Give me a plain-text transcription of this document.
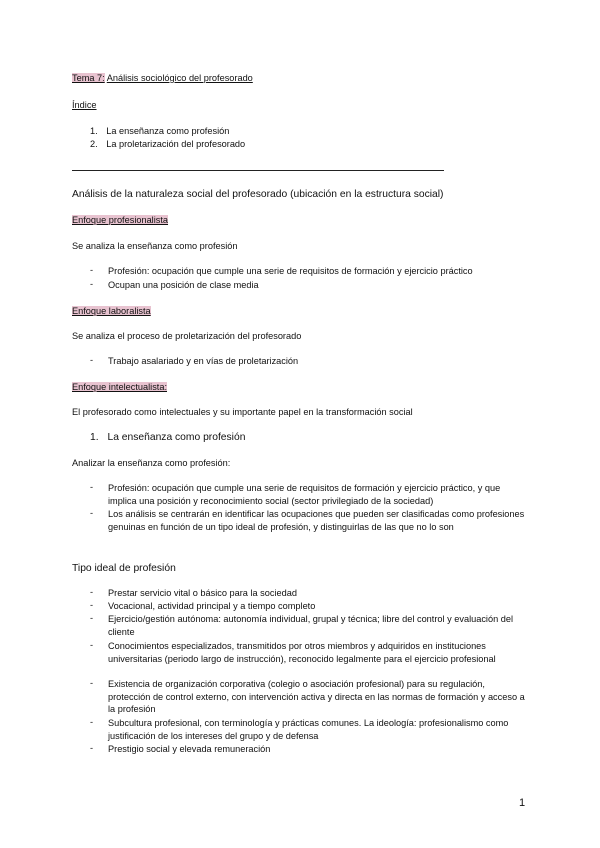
Tema 7: Análisis sociológico del profesorado
Índice
1. La enseñanza como profesión
2. La proletarización del profesorado
Análisis de la naturaleza social del profesorado (ubicación en la estructura social)
Enfoque profesionalista
Se analiza la enseñanza como profesión
- Profesión: ocupación que cumple una serie de requisitos de formación y ejercicio práctico
- Ocupan una posición de clase media
Enfoque laboralista
Se analiza el proceso de proletarización del profesorado
- Trabajo asalariado y en vías de proletarización
Enfoque intelectualista:
El profesorado como intelectuales y su importante papel en la transformación social
1. La enseñanza como profesión
Analizar la enseñanza como profesión:
- Profesión: ocupación que cumple una serie de requisitos de formación y ejercicio práctico, y que implica una posición y reconocimiento social (sector privilegiado de la sociedad)
- Los análisis se centrarán en identificar las ocupaciones que pueden ser clasificadas como profesiones genuinas en función de un tipo ideal de profesión, y distinguirlas de las que no lo son
Tipo ideal de profesión
- Prestar servicio vital o básico para la sociedad
- Vocacional, actividad principal y a tiempo completo
- Ejercicio/gestión autónoma: autonomía individual, grupal y técnica; libre del control y evaluación del cliente
- Conocimientos especializados, transmitidos por otros miembros y adquiridos en instituciones universitarias (periodo largo de instrucción), reconocido legalmente para el ejercicio profesional
- Existencia de organización corporativa (colegio o asociación profesional) para su regulación, protección de control externo, con intervención activa y directa en las normas de formación y acceso a la profesión
- Subcultura profesional, con terminología y prácticas comunes. La ideología: profesionalismo como justificación de los intereses del grupo y de defensa
- Prestigio social y elevada remuneración
1
